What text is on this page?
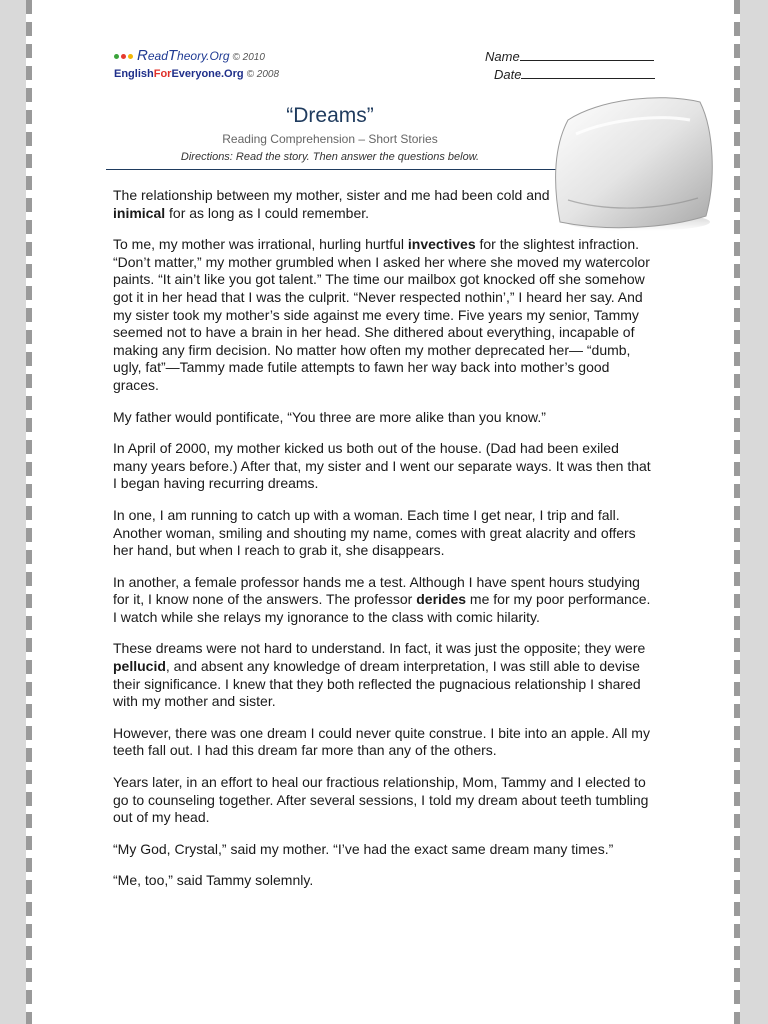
ReadTheory.Org © 2010
EnglishForEveryone.Org © 2008
Name
Date
“Dreams”
Reading Comprehension – Short Stories
Directions: Read the story. Then answer the questions below.

The relationship between my mother, sister and me had been cold and inimical for as long as I could remember.

To me, my mother was irrational, hurling hurtful invectives for the slightest infraction. “Don’t matter,” my mother grumbled when I asked her where she moved my watercolor paints. “It ain’t like you got talent.” The time our mailbox got knocked off she somehow got it in her head that I was the culprit. “Never respected nothin’,” I heard her say. And my sister took my mother’s side against me every time. Five years my senior, Tammy seemed not to have a brain in her head. She dithered about everything, incapable of making any firm decision. No matter how often my mother deprecated her— “dumb, ugly, fat”—Tammy made futile attempts to fawn her way back into mother’s good graces.

My father would pontificate, “You three are more alike than you know.”

In April of 2000, my mother kicked us both out of the house. (Dad had been exiled many years before.) After that, my sister and I went our separate ways. It was then that I began having recurring dreams.

In one, I am running to catch up with a woman. Each time I get near, I trip and fall. Another woman, smiling and shouting my name, comes with great alacrity and offers her hand, but when I reach to grab it, she disappears.

In another, a female professor hands me a test. Although I have spent hours studying for it, I know none of the answers. The professor derides me for my poor performance. I watch while she relays my ignorance to the class with comic hilarity.

These dreams were not hard to understand. In fact, it was just the opposite; they were pellucid, and absent any knowledge of dream interpretation, I was still able to devise their significance. I knew that they both reflected the pugnacious relationship I shared with my mother and sister.

However, there was one dream I could never quite construe. I bite into an apple. All my teeth fall out. I had this dream far more than any of the others.

Years later, in an effort to heal our fractious relationship, Mom, Tammy and I elected to go to counseling together. After several sessions, I told my dream about teeth tumbling out of my head.

“My God, Crystal,” said my mother. “I’ve had the exact same dream many times.”

“Me, too,” said Tammy solemnly.
